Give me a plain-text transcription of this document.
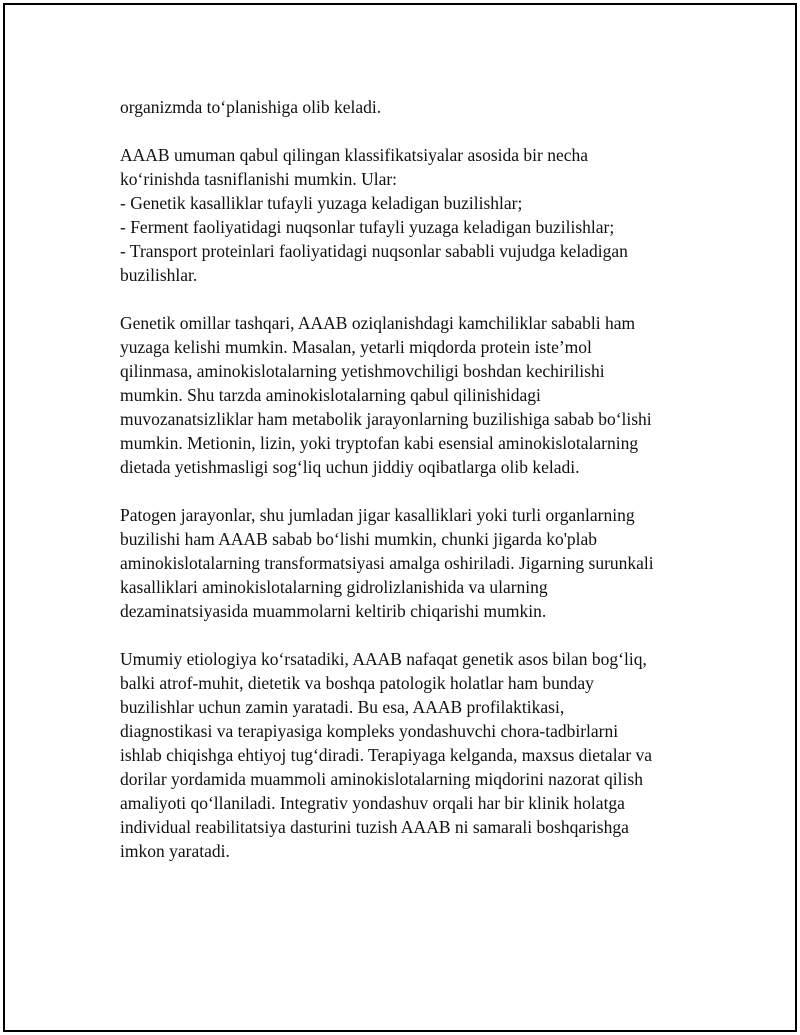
organizmda to‘planishiga olib keladi.

AAAB umuman qabul qilingan klassifikatsiyalar asosida bir necha
ko‘rinishda tasniflanishi mumkin. Ular:
- Genetik kasalliklar tufayli yuzaga keladigan buzilishlar;
- Ferment faoliyatidagi nuqsonlar tufayli yuzaga keladigan buzilishlar;
- Transport proteinlari faoliyatidagi nuqsonlar sababli vujudga keladigan
buzilishlar.

Genetik omillar tashqari, AAAB oziqlanishdagi kamchiliklar sababli ham
yuzaga kelishi mumkin. Masalan, yetarli miqdorda protein iste’mol
qilinmasa, aminokislotalarning yetishmovchiligi boshdan kechirilishi
mumkin. Shu tarzda aminokislotalarning qabul qilinishidagi
muvozanatsizliklar ham metabolik jarayonlarning buzilishiga sabab bo‘lishi
mumkin. Metionin, lizin, yoki tryptofan kabi esensial aminokislotalarning
dietada yetishmasligi sog‘liq uchun jiddiy oqibatlarga olib keladi.

Patogen jarayonlar, shu jumladan jigar kasalliklari yoki turli organlarning
buzilishi ham AAAB sabab bo‘lishi mumkin, chunki jigarda ko'plab
aminokislotalarning transformatsiyasi amalga oshiriladi. Jigarning surunkali
kasalliklari aminokislotalarning gidrolizlanishida va ularning
dezaminatsiyasida muammolarni keltirib chiqarishi mumkin.

Umumiy etiologiya ko‘rsatadiki, AAAB nafaqat genetik asos bilan bog‘liq,
balki atrof-muhit, dietetik va boshqa patologik holatlar ham bunday
buzilishlar uchun zamin yaratadi. Bu esa, AAAB profilaktikasi,
diagnostikasi va terapiyasiga kompleks yondashuvchi chora-tadbirlarni
ishlab chiqishga ehtiyoj tug‘diradi. Terapiyaga kelganda, maxsus dietalar va
dorilar yordamida muammoli aminokislotalarning miqdorini nazorat qilish
amaliyoti qo‘llaniladi. Integrativ yondashuv orqali har bir klinik holatga
individual reabilitatsiya dasturini tuzish AAAB ni samarali boshqarishga
imkon yaratadi.
